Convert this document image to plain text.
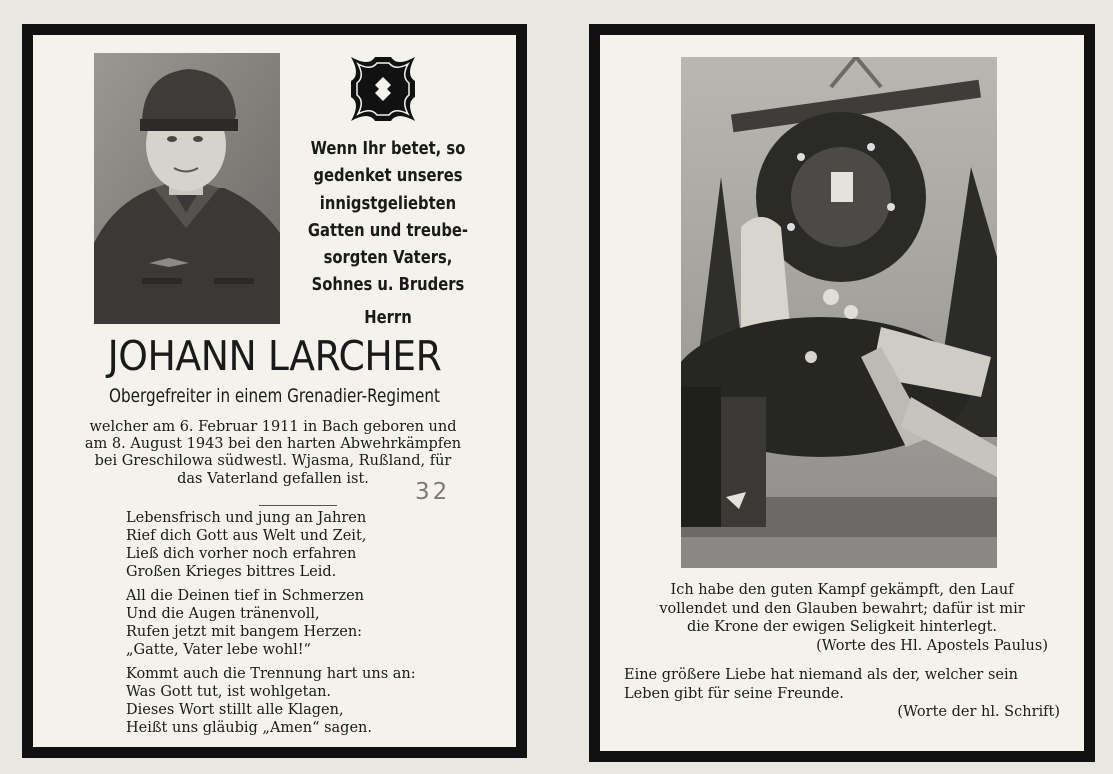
Wenn Ihr betet, so
gedenket unseres
innigstgeliebten
Gatten und treube-
sorgten Vaters,
Sohnes u. Bruders
Herrn
JOHANN LARCHER
Obergefreiter in einem Grenadier-Regiment
welcher am 6. Februar 1911 in Bach geboren und
am 8. August 1943 bei den harten Abwehrkämpfen
bei Greschilowa südwestl. Wjasma, Rußland, für
das Vaterland gefallen ist.
32
Lebensfrisch und jung an Jahren
Rief dich Gott aus Welt und Zeit,
Ließ dich vorher noch erfahren
Großen Krieges bittres Leid.
All die Deinen tief in Schmerzen
Und die Augen tränenvoll,
Rufen jetzt mit bangem Herzen:
„Gatte, Vater lebe wohl!“
Kommt auch die Trennung hart uns an:
Was Gott tut, ist wohlgetan.
Dieses Wort stillt alle Klagen,
Heißt uns gläubig „Amen“ sagen.
Ich habe den guten Kampf gekämpft, den Lauf
vollendet und den Glauben bewahrt; dafür ist mir
die Krone der ewigen Seligkeit hinterlegt.
(Worte des Hl. Apostels Paulus)
Eine größere Liebe hat niemand als der, welcher sein
Leben gibt für seine Freunde.
(Worte der hl. Schrift)
